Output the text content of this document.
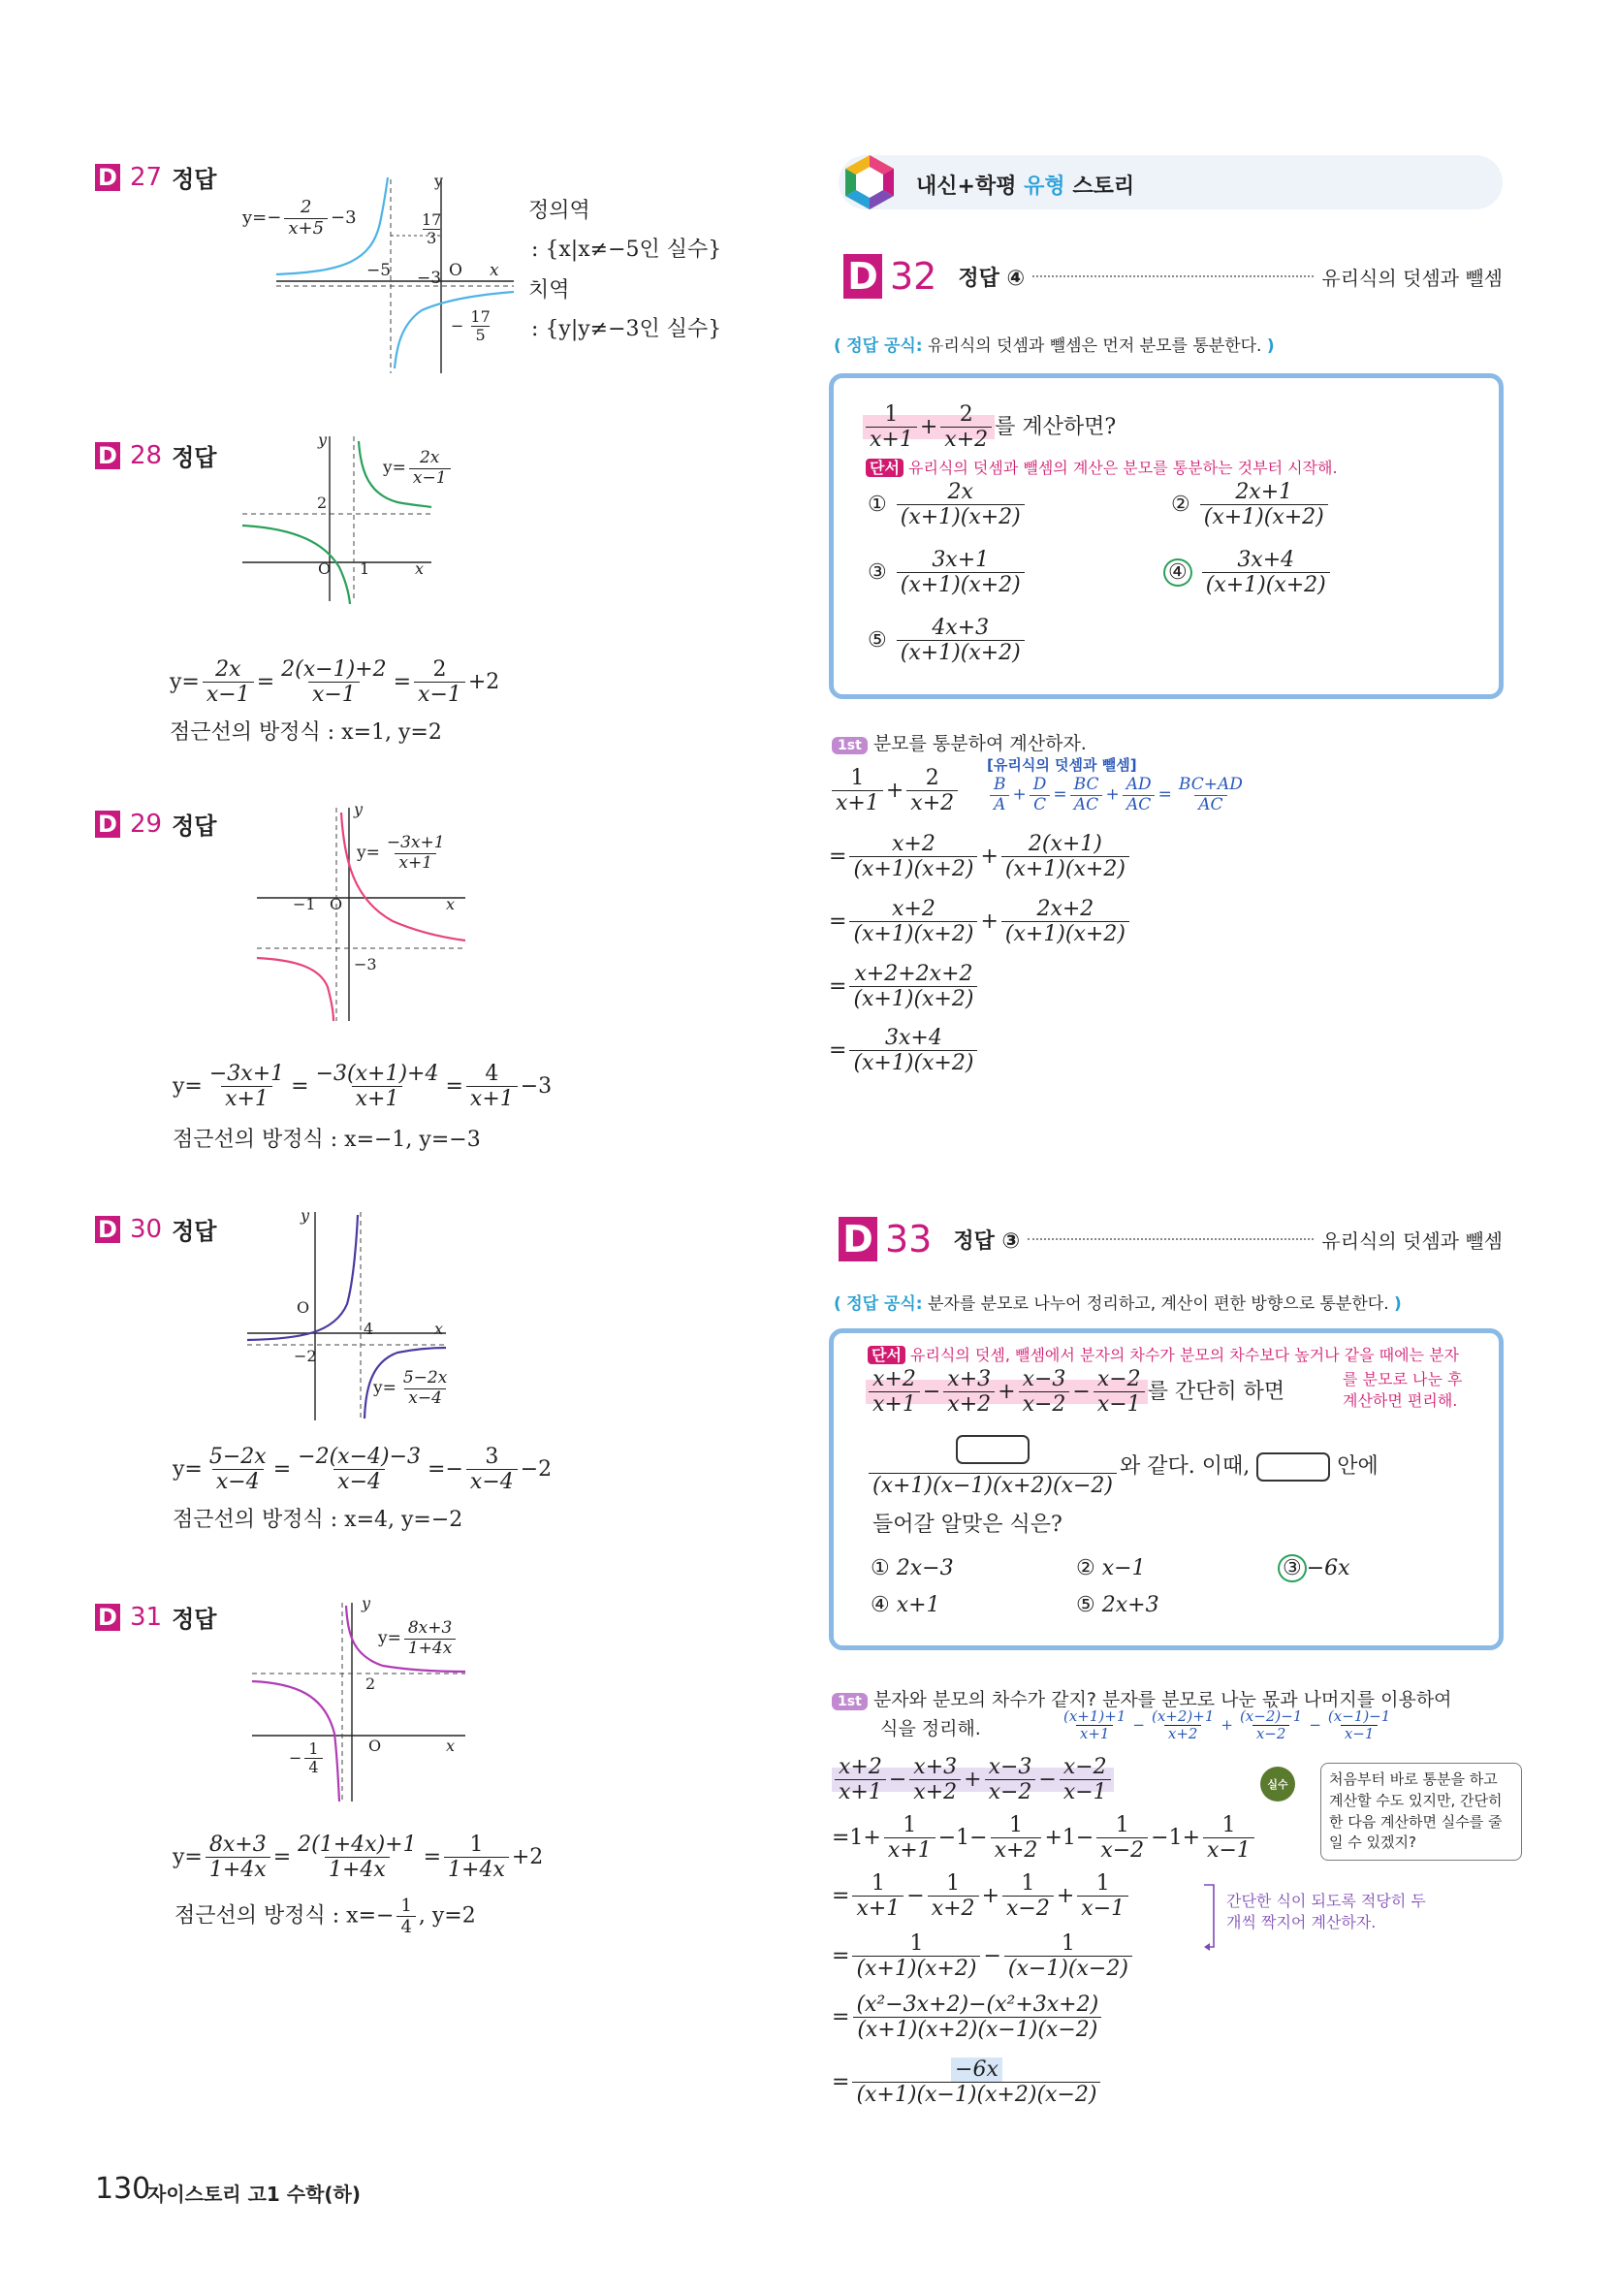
D 27 정답
$y=- \frac{2}{x+5} -3$
y
x
O
−5 −3
$\frac{17}{3}$
− $\frac{17}{5}$
정의역
: {x|x≠−5인 실수}
치역
: {y|y≠−3인 실수}
D 28 정답	$y= \frac{2x}{x-1}$
y
x
O
2
1
$y= \frac{2x}{x-1} = \frac{2(x-1)+2}{x-1} = \frac{2}{x-1} +2$
점근선의 방정식 : x=1, y=2
D 29 정답
$y= \frac{-3x+1}{x+1}$
y
x
O
−1
−3
$y= \frac{-3x+1}{x+1} = \frac{-3(x+1)+4}{x+1} = \frac{4}{x+1} -3$
점근선의 방정식 : x=−1, y=−3
D 30 정답
$y= \frac{5-2x}{x-4}$
y
x
O
4
−2
$y= \frac{5-2x}{x-4} = \frac{-2(x-4)-3}{x-4} =- \frac{3}{x-4} -2$
점근선의 방정식 : x=4, y=−2
D 31 정답
$y= \frac{8x+3}{1+4x}$
y
x
O
2
− $\frac{1}{4}$
$y= \frac{8x+3}{1+4x} = \frac{2(1+4x)+1}{1+4x} = \frac{1}{1+4x} +2$
점근선의 방정식 : $x=- \frac{1}{4}$ , y=2
130
자이스토리 고1 수학(하)
내신+학평 유형 스토리
D 32 정답 ④	유리식의 덧셈과 뺄셈
( 정답 공식: 유리식의 덧셈과 뺄셈은 먼저 분모를 통분한다. )
$\frac{1}{x+1} + \frac{2}{x+2}$ 를 계산하면?
단서 유리식의 덧셈과 뺄셈의 계산은 분모를 통분하는 것부터 시작해.
① $\frac{2x}{(x+1)(x+2)}$	② $\frac{2x+1}{(x+1)(x+2)}$
③ $\frac{3x+1}{(x+1)(x+2)}$	④ $\frac{3x+4}{(x+1)(x+2)}$
⑤ $\frac{4x+3}{(x+1)(x+2)}$
1st 분모를 통분하여 계산하자.
[유리식의 덧셈과 뺄셈]
$\frac{B}{A} + \frac{D}{C} = \frac{BC}{AC} + \frac{AD}{AC} = \frac{BC+AD}{AC}$
$\frac{1}{x+1} + \frac{2}{x+2}$
= $\frac{x+2}{(x+1)(x+2)} + \frac{2(x+1)}{(x+1)(x+2)}$
= $\frac{x+2}{(x+1)(x+2)} + \frac{2x+2}{(x+1)(x+2)}$
= $\frac{x+2+2x+2}{(x+1)(x+2)}$
= $\frac{3x+4}{(x+1)(x+2)}$
D 33 정답 ③	유리식의 덧셈과 뺄셈
( 정답 공식: 분자를 분모로 나누어 정리하고, 계산이 편한 방향으로 통분한다. )
단서 유리식의 덧셈, 뺄셈에서 분자의 차수가 분모의 차수보다 높거나 같을 때에는 분자
를 분모로 나눈 후
계산하면 편리해.
$\frac{x+2}{x+1} - \frac{x+3}{x+2} + \frac{x-3}{x-2} - \frac{x-2}{x-1}$ 를 간단히 하면
(x+1)(x−1)(x+2)(x−2)
와 같다. 이때,	안에
들어갈 알맞은 식은?
① 2x−3	② x−1	③ −6x
④ x+1	⑤ 2x+3
1st 분자와 분모의 차수가 같지? 분자를 분모로 나눈 몫과 나머지를 이용하여
식을 정리해.	$\frac{(x+1)+1}{x+1} - \frac{(x+2)+1}{x+2} + \frac{(x-2)-1}{x-2} - \frac{(x-1)-1}{x-1}$
$\frac{x+2}{x+1} - \frac{x+3}{x+2} + \frac{x-3}{x-2} - \frac{x-2}{x-1}$
$=1+ \frac{1}{x+1} -1- \frac{1}{x+2} +1- \frac{1}{x-2} -1+ \frac{1}{x-1}$
실수	처음부터 바로 통분을 하고 계산할 수도 있지만, 간단히 한 다음 계산하면 실수를 줄일 수 있겠지?
= $\frac{1}{x+1} - \frac{1}{x+2} + \frac{1}{x-2} + \frac{1}{x-1}$	간단한 식이 되도록 적당히 두 개씩 짝지어 계산하자.
= $\frac{1}{(x+1)(x+2)} - \frac{1}{(x-1)(x-2)}$
= $\frac{\text{(x²−3x+2)−(x²+3x+2)}}{(x+1)(x+2)(x-1)(x-2)}$
= $\frac{-6x}{(x+1)(x-1)(x+2)(x-2)}$
